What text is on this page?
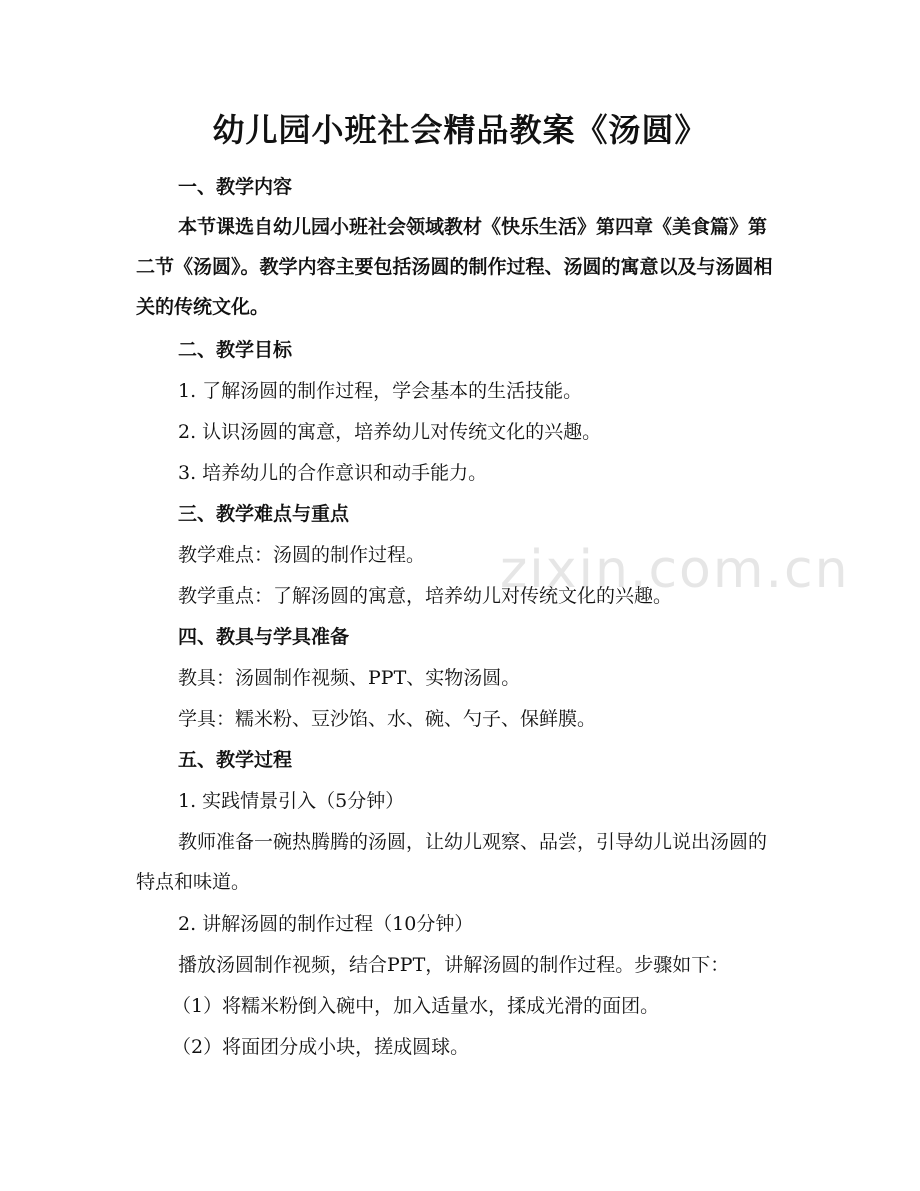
zixin.com.cn
幼儿园小班社会精品教案《汤圆》
一、教学内容
本节课选自幼儿园小班社会领域教材《快乐生活》第四章《美食篇》第二节《汤圆》。教学内容主要包括汤圆的制作过程、汤圆的寓意以及与汤圆相关的传统文化。
二、教学目标
1. 了解汤圆的制作过程，学会基本的生活技能。
2. 认识汤圆的寓意，培养幼儿对传统文化的兴趣。
3. 培养幼儿的合作意识和动手能力。
三、教学难点与重点
教学难点：汤圆的制作过程。
教学重点：了解汤圆的寓意，培养幼儿对传统文化的兴趣。
四、教具与学具准备
教具：汤圆制作视频、PPT、实物汤圆。
学具：糯米粉、豆沙馅、水、碗、勺子、保鲜膜。
五、教学过程
1. 实践情景引入（5分钟）
教师准备一碗热腾腾的汤圆，让幼儿观察、品尝，引导幼儿说出汤圆的特点和味道。
2. 讲解汤圆的制作过程（10分钟）
播放汤圆制作视频，结合PPT，讲解汤圆的制作过程。步骤如下：
（1）将糯米粉倒入碗中，加入适量水，揉成光滑的面团。
（2）将面团分成小块，搓成圆球。
